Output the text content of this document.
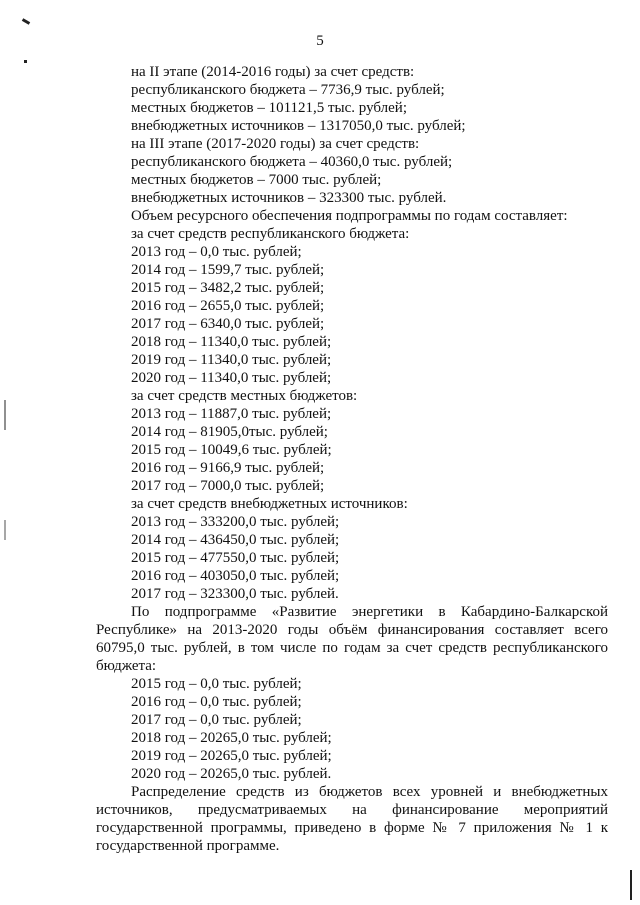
5
на II этапе (2014-2016 годы) за счет средств:
республиканского бюджета – 7736,9 тыс. рублей;
местных бюджетов – 101121,5 тыс. рублей;
внебюджетных источников – 1317050,0 тыс. рублей;
на III этапе (2017-2020 годы) за счет средств:
республиканского бюджета – 40360,0 тыс. рублей;
местных бюджетов – 7000 тыс. рублей;
внебюджетных источников – 323300 тыс. рублей.
Объем ресурсного обеспечения подпрограммы по годам составляет:
за счет средств республиканского бюджета:
2013 год – 0,0 тыс. рублей;
2014 год – 1599,7 тыс. рублей;
2015 год – 3482,2 тыс. рублей;
2016 год – 2655,0 тыс. рублей;
2017 год – 6340,0 тыс. рублей;
2018 год – 11340,0 тыс. рублей;
2019 год – 11340,0 тыс. рублей;
2020 год – 11340,0 тыс. рублей;
за счет средств местных бюджетов:
2013 год – 11887,0 тыс. рублей;
2014 год – 81905,0тыс. рублей;
2015 год – 10049,6 тыс. рублей;
2016 год – 9166,9 тыс. рублей;
2017 год – 7000,0 тыс. рублей;
за счет средств внебюджетных источников:
2013 год – 333200,0 тыс. рублей;
2014 год – 436450,0 тыс. рублей;
2015 год – 477550,0 тыс. рублей;
2016 год – 403050,0 тыс. рублей;
2017 год – 323300,0 тыс. рублей.
По подпрограмме «Развитие энергетики в Кабардино-Балкарской
Республике» на 2013-2020 годы объём финансирования составляет всего
60795,0 тыс. рублей, в том числе по годам за счет средств республиканского
бюджета:
2015 год – 0,0 тыс. рублей;
2016 год – 0,0 тыс. рублей;
2017 год – 0,0 тыс. рублей;
2018 год – 20265,0 тыс. рублей;
2019 год – 20265,0 тыс. рублей;
2020 год – 20265,0 тыс. рублей.
Распределение средств из бюджетов всех уровней и внебюджетных
источников, предусматриваемых на финансирование мероприятий
государственной программы, приведено в форме № 7 приложения № 1 к
государственной программе.
